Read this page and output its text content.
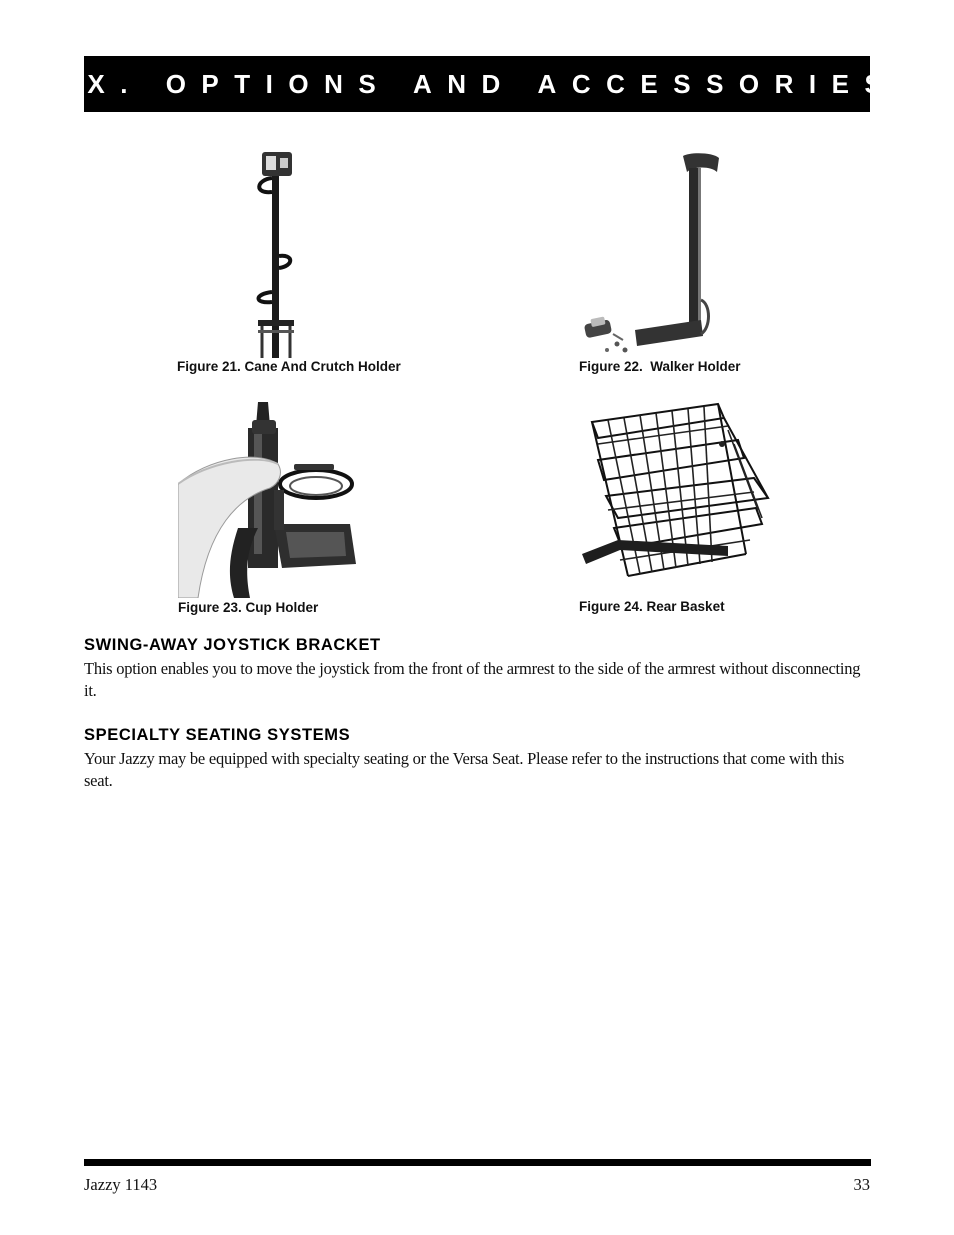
IX. OPTIONS AND ACCESSORIES
Figure 21. Cane And Crutch Holder	Figure 22.  Walker Holder
Figure 23. Cup Holder	Figure 24. Rear Basket
SWING-AWAY JOYSTICK BRACKET
This option enables you to move the joystick from the front of the armrest to the side of the armrest without disconnecting it.
SPECIALTY SEATING SYSTEMS
Your Jazzy may be equipped with specialty seating or the Versa Seat. Please refer to the instructions that come with this seat.
Jazzy 1143	33
